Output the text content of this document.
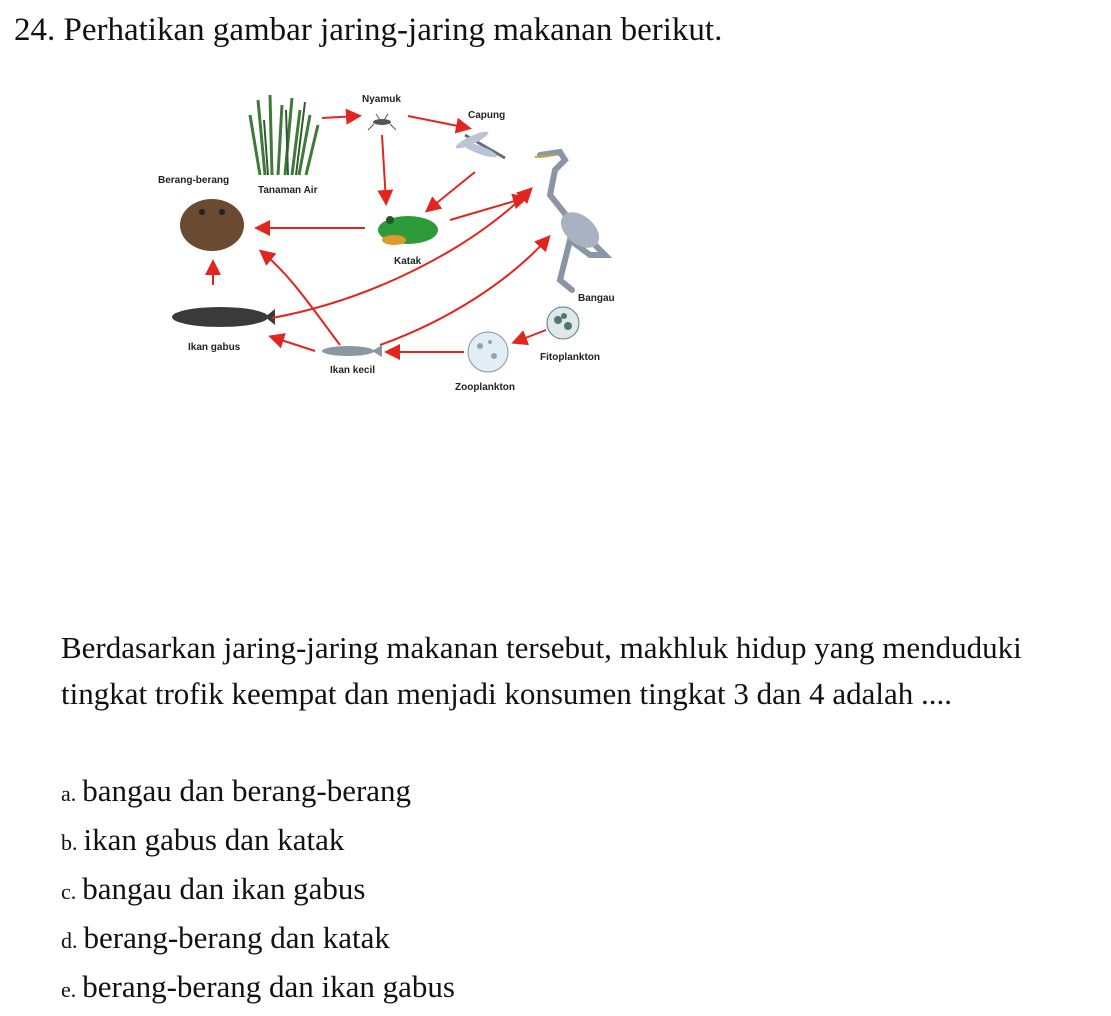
24. Perhatikan gambar jaring-jaring makanan berikut.
Tanaman Air
Nyamuk
Capung
Berang-berang
Katak
Bangau
Fitoplankton
Zooplankton
Ikan gabus
Ikan kecil
Berdasarkan jaring-jaring makanan tersebut, makhluk hidup yang menduduki tingkat trofik keempat dan menjadi konsumen tingkat 3 dan 4 adalah ....
a. bangau dan berang-berang
b. ikan gabus dan katak
c. bangau dan ikan gabus
d. berang-berang dan katak
e. berang-berang dan ikan gabus
